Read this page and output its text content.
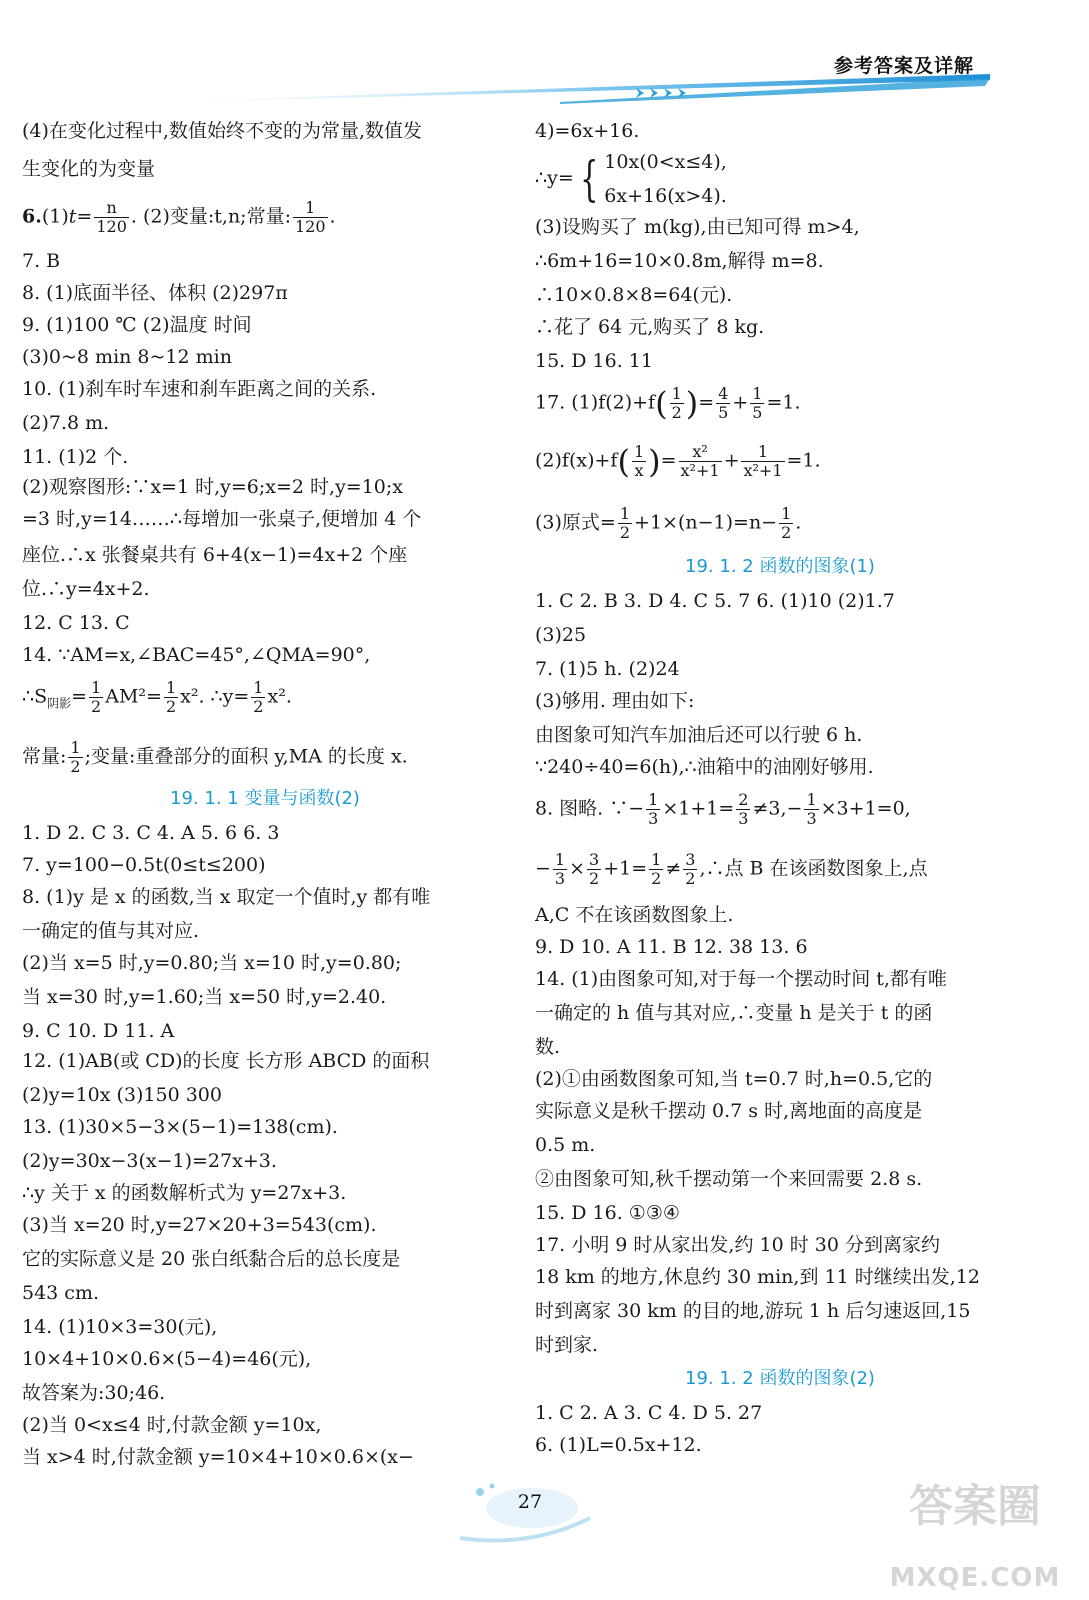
参考答案及详解
(4)在变化过程中,数值始终不变的为常量,数值发
生变化的为变量
$6.(1)t= \frac{n}{120}$ . (2)变量:t,n;常量: $\frac{1}{120}$ .
7. B
8. (1)底面半径、体积 (2)297π
9. (1)100 ℃ (2)温度 时间
(3)0~8 min 8~12 min
10. (1)刹车时车速和刹车距离之间的关系.
(2)7.8 m.
11. (1)2 个.
(2)观察图形:∵x=1 时,y=6;x=2 时,y=10;x
=3 时,y=14……∴每增加一张桌子,便增加 4 个
座位.∴x 张餐桌共有 6+4(x−1)=4x+2 个座
位.∴y=4x+2.
12. C 13. C
14. ∵AM=x,∠BAC=45°,∠QMA=90°,
$\therefore S_{阴影}= \frac{1}{2} AM^2= \frac{1}{2} x^2$. ∴y= $\frac{1}{2} x^2$.
常量: $\frac{1}{2}$ ;变量:重叠部分的面积 y,MA 的长度 x.
19. 1. 1 变量与函数(2)
1. D 2. C 3. C 4. A 5. 6 6. 3
7. y=100−0.5t(0≤t≤200)
8. (1)y 是 x 的函数,当 x 取定一个值时,y 都有唯
一确定的值与其对应.
(2)当 x=5 时,y=0.80;当 x=10 时,y=0.80;
当 x=30 时,y=1.60;当 x=50 时,y=2.40.
9. C 10. D 11. A
12. (1)AB(或 CD)的长度 长方形 ABCD 的面积
(2)y=10x (3)150 300
13. (1)30×5−3×(5−1)=138(cm).
(2)y=30x−3(x−1)=27x+3.
∴y 关于 x 的函数解析式为 y=27x+3.
(3)当 x=20 时,y=27×20+3=543(cm).
它的实际意义是 20 张白纸黏合后的总长度是
543 cm.
14. (1)10×3=30(元),
10×4+10×0.6×(5−4)=46(元),
故答案为:30;46.
(2)当 0<x≤4 时,付款金额 y=10x,
当 x>4 时,付款金额 y=10×4+10×0.6×(x−
4)=6x+16.
∴y= { 10x(0<x≤4),
6x+16(x>4).
(3)设购买了 m(kg),由已知可得 m>4,
∴6m+16=10×0.8m,解得 m=8.
∴10×0.8×8=64(元).
∴花了 64 元,购买了 8 kg.
15. D 16. 11
17. $(1)f(2)+f( \frac{1}{2}$ )= $\frac{4}{5} + \frac{1}{5} =1$.
$(2)f(x)+f( \frac{1}{x}$ )= $\frac{\text{x²}}{\text{x²+1}} + \frac{1}{\text{x²+1}} =1$.
(3)原式= $\frac{1}{2} +1\times(n-1)=n- \frac{1}{2}$ .
19. 1. 2 函数的图象(1)
1. C 2. B 3. D 4. C 5. 7 6. (1)10 (2)1.7
(3)25
7. (1)5 h. (2)24
(3)够用. 理由如下:
由图象可知汽车加油后还可以行驶 6 h.
∵240÷40=6(h),∴油箱中的油刚好够用.
8. 图略. ∵− $\frac{1}{3} \times 1+1= \frac{2}{3} \ne 3,- \frac{1}{3} \times 3+1=0$,
− $\frac{1}{3} \times \frac{3}{2} +1= \frac{1}{2} \ne \frac{3}{2}$ ,∴点 B 在该函数图象上,点
A,C 不在该函数图象上.
9. D 10. A 11. B 12. 38 13. 6
14. (1)由图象可知,对于每一个摆动时间 t,都有唯
一确定的 h 值与其对应,∴变量 h 是关于 t 的函
数.
(2)①由函数图象可知,当 t=0.7 时,h=0.5,它的
实际意义是秋千摆动 0.7 s 时,离地面的高度是
0.5 m.
②由图象可知,秋千摆动第一个来回需要 2.8 s.
15. D 16. ①③④
17. 小明 9 时从家出发,约 10 时 30 分到离家约
18 km 的地方,休息约 30 min,到 11 时继续出发,12
时到离家 30 km 的目的地,游玩 1 h 后匀速返回,15
时到家.
19. 1. 2 函数的图象(2)
1. C 2. A 3. C 4. D 5. 27
6. (1)L=0.5x+12.
27	答案圈
MXQE.COM
